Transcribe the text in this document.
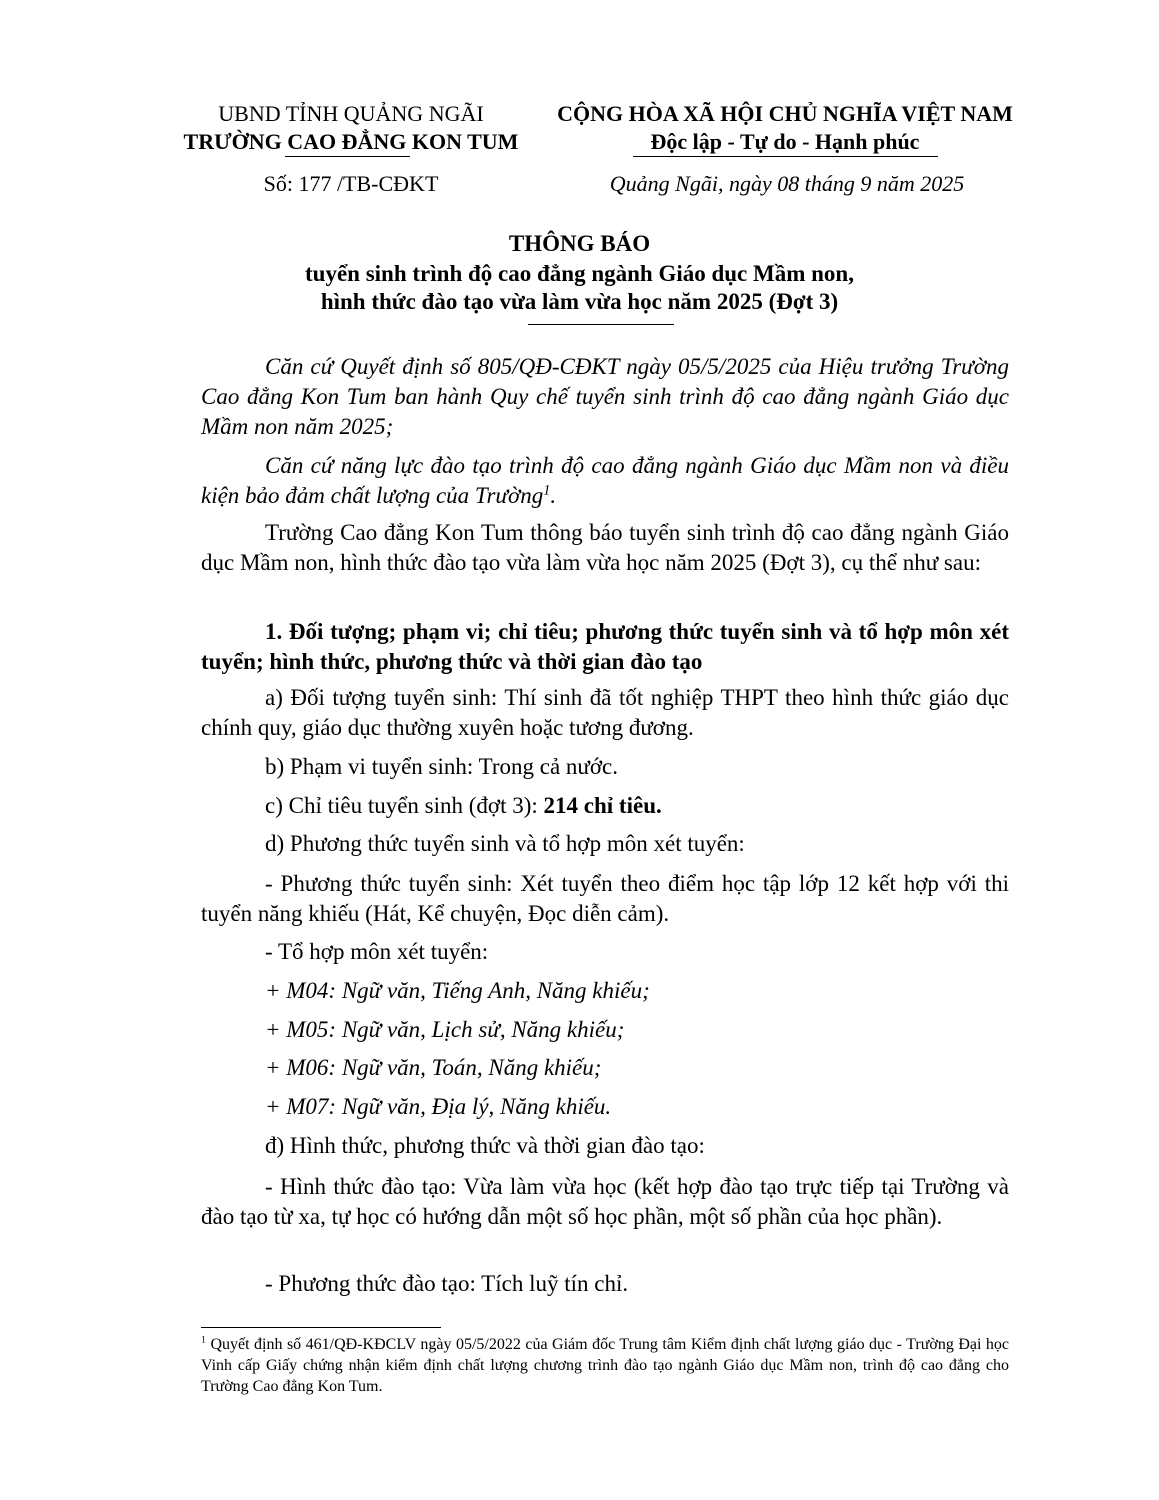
UBND TỈNH QUẢNG NGÃI
TRƯỜNG CAO ĐẲNG KON TUM
Số: 177 /TB-CĐKT
CỘNG HÒA XÃ HỘI CHỦ NGHĨA VIỆT NAM
Độc lập - Tự do - Hạnh phúc
Quảng Ngãi, ngày 08 tháng 9 năm 2025

THÔNG BÁO

tuyển sinh trình độ cao đẳng ngành Giáo dục Mầm non,

hình thức đào tạo vừa làm vừa học năm 2025 (Đợt 3)

Căn cứ Quyết định số 805/QĐ-CĐKT ngày 05/5/2025 của Hiệu trưởng Trường Cao đẳng Kon Tum ban hành Quy chế tuyển sinh trình độ cao đẳng ngành Giáo dục Mầm non năm 2025;

Căn cứ năng lực đào tạo trình độ cao đẳng ngành Giáo dục Mầm non và điều kiện bảo đảm chất lượng của Trường$^1$.

Trường Cao đẳng Kon Tum thông báo tuyển sinh trình độ cao đẳng ngành Giáo dục Mầm non, hình thức đào tạo vừa làm vừa học năm 2025 (Đợt 3), cụ thể như sau:

1. Đối tượng; phạm vi; chỉ tiêu; phương thức tuyển sinh và tổ hợp môn xét tuyển; hình thức, phương thức và thời gian đào tạo

a) Đối tượng tuyển sinh: Thí sinh đã tốt nghiệp THPT theo hình thức giáo dục chính quy, giáo dục thường xuyên hoặc tương đương.

b) Phạm vi tuyển sinh: Trong cả nước.

c) Chỉ tiêu tuyển sinh (đợt 3): 214 chỉ tiêu.

d) Phương thức tuyển sinh và tổ hợp môn xét tuyển:

- Phương thức tuyển sinh: Xét tuyển theo điểm học tập lớp 12 kết hợp với thi tuyển năng khiếu (Hát, Kể chuyện, Đọc diễn cảm).

- Tổ hợp môn xét tuyển:

+ M04: Ngữ văn, Tiếng Anh, Năng khiếu;

+ M05: Ngữ văn, Lịch sử, Năng khiếu;

+ M06: Ngữ văn, Toán, Năng khiếu;

+ M07: Ngữ văn, Địa lý, Năng khiếu.

đ) Hình thức, phương thức và thời gian đào tạo:

- Hình thức đào tạo: Vừa làm vừa học (kết hợp đào tạo trực tiếp tại Trường và đào tạo từ xa, tự học có hướng dẫn một số học phần, một số phần của học phần).

- Phương thức đào tạo: Tích luỹ tín chỉ.

$^1$ Quyết định số 461/QĐ-KĐCLV ngày 05/5/2022 của Giám đốc Trung tâm Kiểm định chất lượng giáo dục - Trường Đại học Vinh cấp Giấy chứng nhận kiểm định chất lượng chương trình đào tạo ngành Giáo dục Mầm non, trình độ cao đẳng cho Trường Cao đẳng Kon Tum.
